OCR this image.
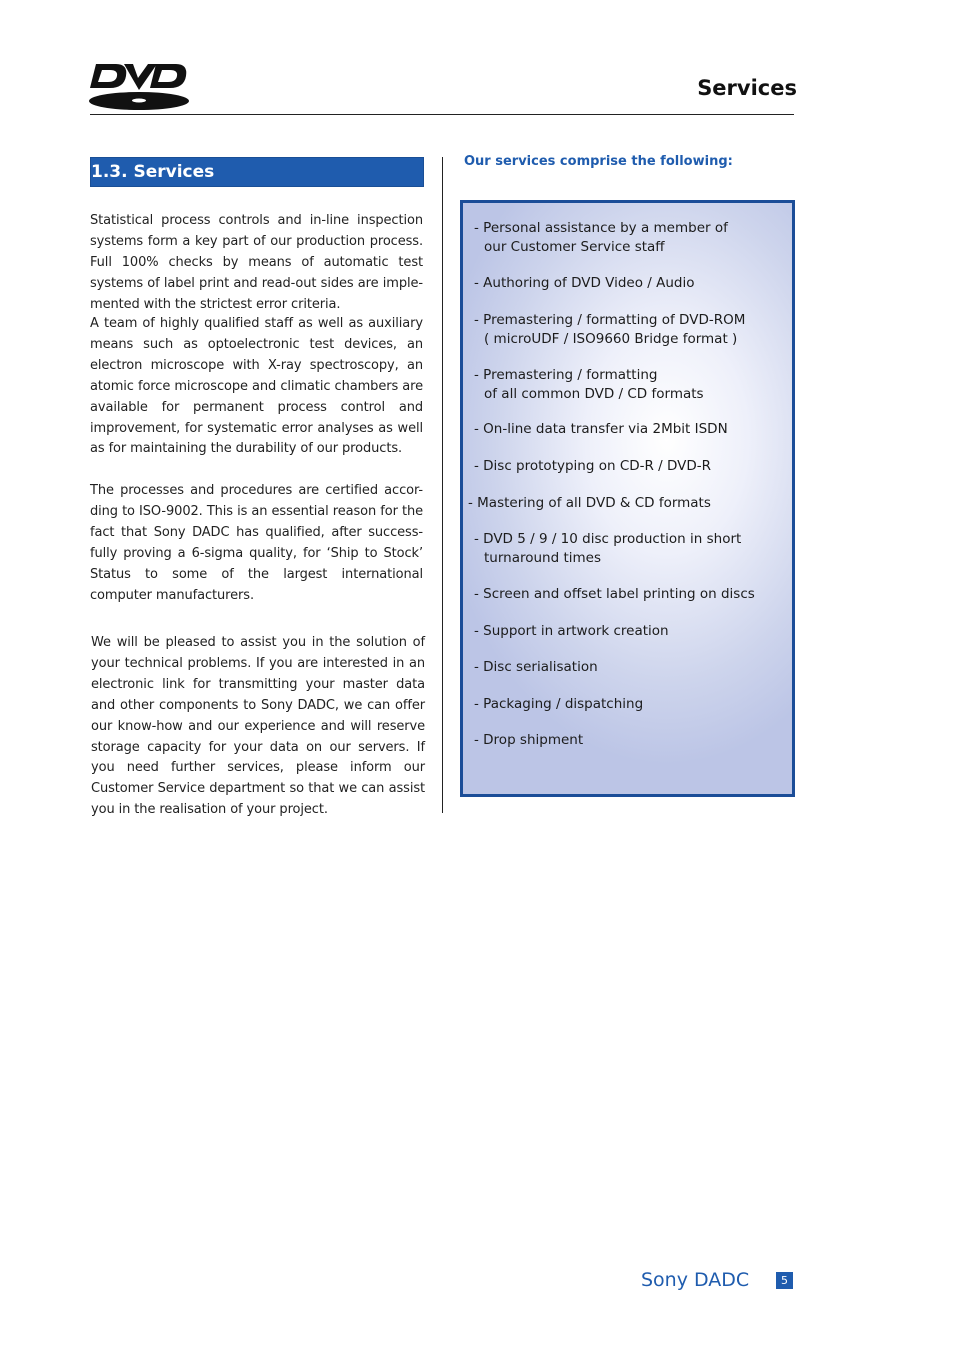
Services
1.3. Services

Statistical process controls and in-line inspection systems form a key part of our production process. Full 100% checks by means of automatic test systems of label print and read-out sides are imple-mented with the strictest error criteria.

A team of highly qualified staff as well as auxiliary means such as optoelectronic test devices, an electron microscope with X-ray spectroscopy, an atomic force microscope and climatic chambers are available for permanent process control and improvement, for systematic error analyses as well as for maintaining the durability of our products.

The processes and procedures are certified accor-ding to ISO-9002. This is an essential reason for the fact that Sony DADC has qualified, after success-fully proving a 6-sigma quality, for ‘Ship to Stock’ Status to some of the largest international computer manufacturers.

We will be pleased to assist you in the solution of your technical problems. If you are interested in an electronic link for transmitting your master data and other components to Sony DADC, we can offer our know-how and our experience and will reserve storage capacity for your data on our servers. If you need further services, please inform our Customer Service department so that we can assist you in the realisation of your project.

Our services comprise the following:

- Personal assistance by a member of
our Customer Service staff

- Authoring of DVD Video / Audio

- Premastering / formatting of DVD-ROM
( microUDF / ISO9660 Bridge format )

- Premastering / formatting
of all common DVD / CD formats

- On-line data transfer via 2Mbit ISDN

- Disc prototyping on CD-R / DVD-R

- Mastering of all DVD & CD formats

- DVD 5 / 9 / 10 disc production in short
turnaround times

- Screen and offset label printing on discs

- Support in artwork creation

- Disc serialisation

- Packaging / dispatching

- Drop shipment

Sony DADC	5
